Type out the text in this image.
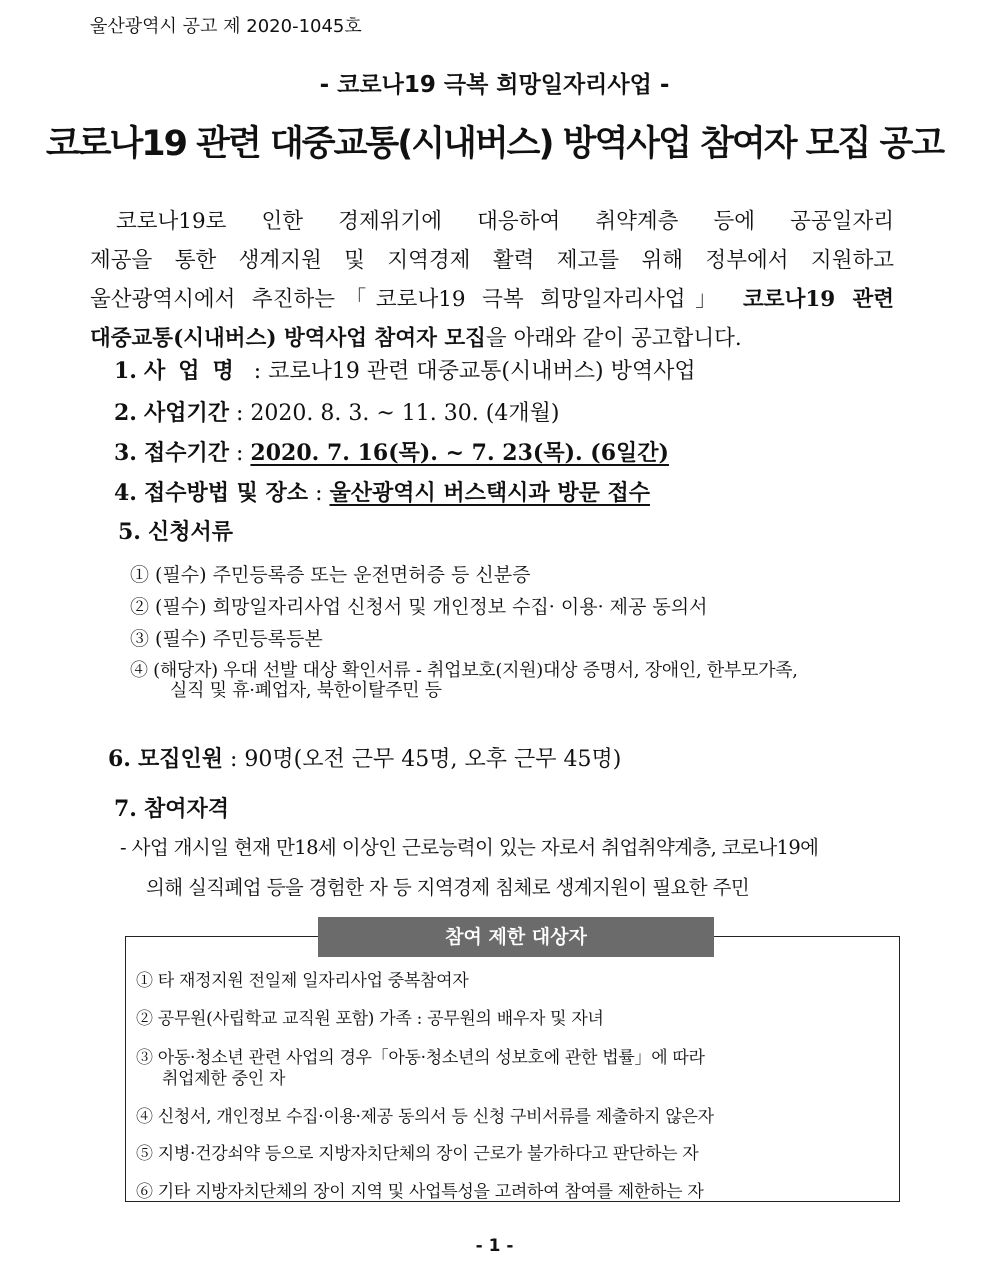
울산광역시 공고 제 2020-1045호
- 코로나19 극복 희망일자리사업 -
코로나19 관련 대중교통(시내버스) 방역사업 참여자 모집 공고
코로나19로 인한 경제위기에 대응하여 취약계층 등에 공공일자리
제공을 통한 생계지원 및 지역경제 활력 제고를 위해 정부에서 지원하고
울산광역시에서 추진하는「코로나19 극복 희망일자리사업」 코로나19 관련
대중교통(시내버스) 방역사업 참여자 모집을 아래와 같이 공고합니다.
1. 사업명 : 코로나19 관련 대중교통(시내버스) 방역사업
2. 사업기간 : 2020. 8. 3. ~ 11. 30. (4개월)
3. 접수기간 : 2020. 7. 16(목). ~ 7. 23(목). (6일간)
4. 접수방법 및 장소 : 울산광역시 버스택시과 방문 접수
5. 신청서류
① (필수) 주민등록증 또는 운전면허증 등 신분증
② (필수) 희망일자리사업 신청서 및 개인정보 수집· 이용· 제공 동의서
③ (필수) 주민등록등본
④ (해당자) 우대 선발 대상 확인서류 - 취업보호(지원)대상 증명서, 장애인, 한부모가족,
실직 및 휴·폐업자, 북한이탈주민 등
6. 모집인원 : 90명(오전 근무 45명, 오후 근무 45명)
7. 참여자격
- 사업 개시일 현재 만18세 이상인 근로능력이 있는 자로서 취업취약계층, 코로나19에
의해 실직폐업 등을 경험한 자 등 지역경제 침체로 생계지원이 필요한 주민
참여 제한 대상자
① 타 재정지원 전일제 일자리사업 중복참여자
② 공무원(사립학교 교직원 포함) 가족 : 공무원의 배우자 및 자녀
③ 아동·청소년 관련 사업의 경우「아동·청소년의 성보호에 관한 법률」에 따라
취업제한 중인 자
④ 신청서, 개인정보 수집·이용·제공 동의서 등 신청 구비서류를 제출하지 않은자
⑤ 지병·건강쇠약 등으로 지방자치단체의 장이 근로가 불가하다고 판단하는 자
⑥ 기타 지방자치단체의 장이 지역 및 사업특성을 고려하여 참여를 제한하는 자
- 1 -
